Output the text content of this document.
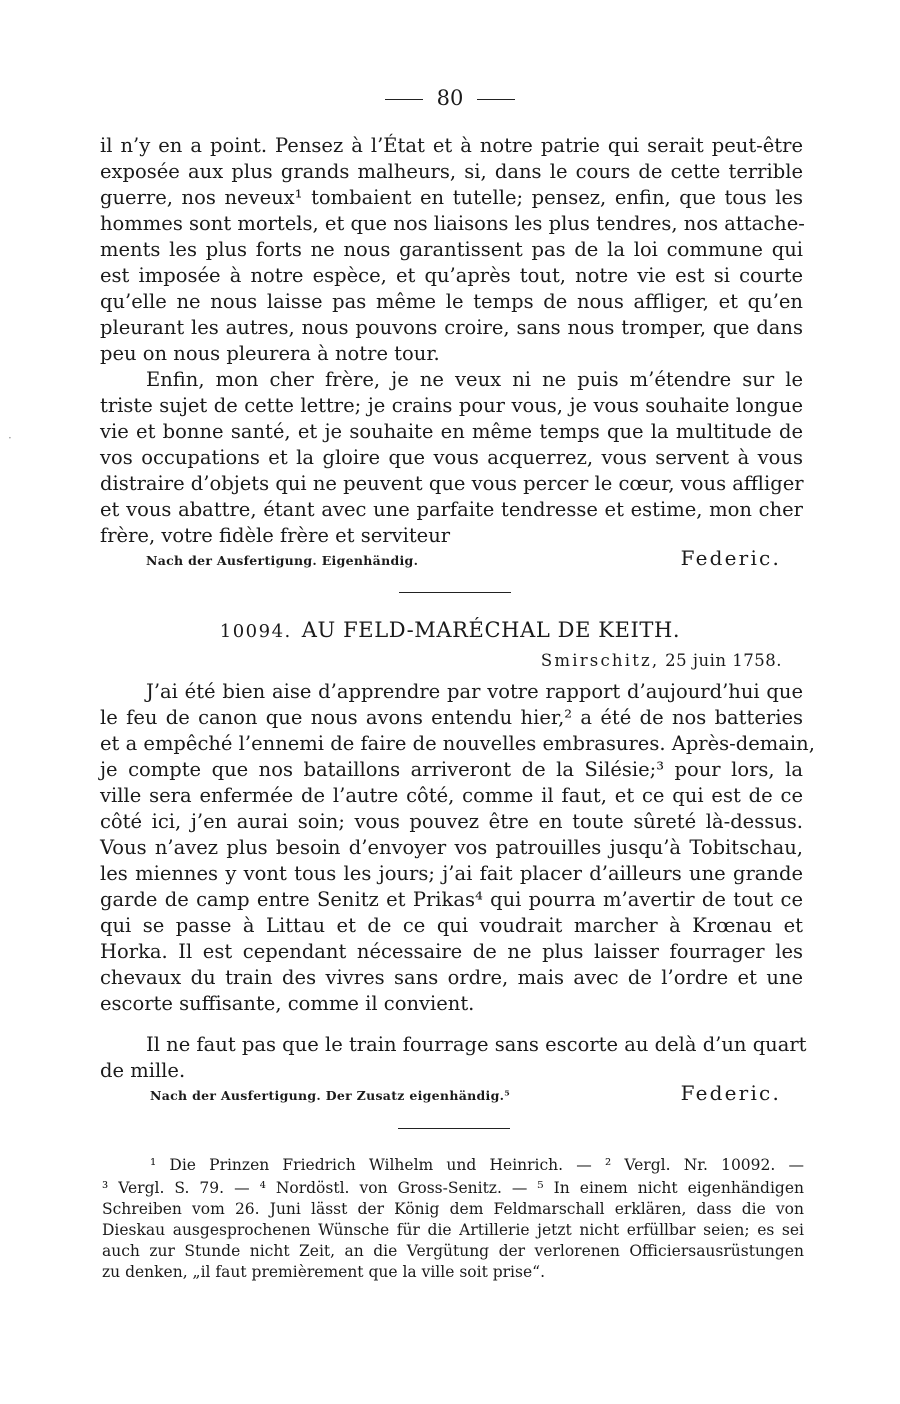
80
il n’y en a point. Pensez à l’État et à notre patrie qui serait peut-être
exposée aux plus grands malheurs, si, dans le cours de cette terrible
guerre, nos neveux¹ tombaient en tutelle; pensez, enfin, que tous les
hommes sont mortels, et que nos liaisons les plus tendres, nos attache-
ments les plus forts ne nous garantissent pas de la loi commune qui
est imposée à notre espèce, et qu’après tout, notre vie est si courte
qu’elle ne nous laisse pas même le temps de nous affliger, et qu’en
pleurant les autres, nous pouvons croire, sans nous tromper, que dans
peu on nous pleurera à notre tour.
Enfin, mon cher frère, je ne veux ni ne puis m’étendre sur le
triste sujet de cette lettre; je crains pour vous, je vous souhaite longue
vie et bonne santé, et je souhaite en même temps que la multitude de
vos occupations et la gloire que vous acquerrez, vous servent à vous
distraire d’objets qui ne peuvent que vous percer le cœur, vous affliger
et vous abattre, étant avec une parfaite tendresse et estime, mon cher
frère, votre fidèle frère et serviteur
Nach der Ausfertigung. Eigenhändig.	Federic.
10094. AU FELD-MARÉCHAL DE KEITH.
Smirschitz, 25 juin 1758.
J’ai été bien aise d’apprendre par votre rapport d’aujourd’hui que
le feu de canon que nous avons entendu hier,² a été de nos batteries
et a empêché l’ennemi de faire de nouvelles embrasures. Après-demain,
je compte que nos bataillons arriveront de la Silésie;³ pour lors, la
ville sera enfermée de l’autre côté, comme il faut, et ce qui est de ce
côté ici, j’en aurai soin; vous pouvez être en toute sûreté là-dessus.
Vous n’avez plus besoin d’envoyer vos patrouilles jusqu’à Tobitschau,
les miennes y vont tous les jours; j’ai fait placer d’ailleurs une grande
garde de camp entre Senitz et Prikas⁴ qui pourra m’avertir de tout ce
qui se passe à Littau et de ce qui voudrait marcher à Krœnau et
Horka. Il est cependant nécessaire de ne plus laisser fourrager les
chevaux du train des vivres sans ordre, mais avec de l’ordre et une
escorte suffisante, comme il convient.
Il ne faut pas que le train fourrage sans escorte au delà d’un quart
de mille.
Nach der Ausfertigung. Der Zusatz eigenhändig.⁵	Federic.
¹ Die Prinzen Friedrich Wilhelm und Heinrich. — ² Vergl. Nr. 10092. —
³ Vergl. S. 79. — ⁴ Nordöstl. von Gross-Senitz. — ⁵ In einem nicht eigenhändigen
Schreiben vom 26. Juni lässt der König dem Feldmarschall erklären, dass die von
Dieskau ausgesprochenen Wünsche für die Artillerie jetzt nicht erfüllbar seien; es sei
auch zur Stunde nicht Zeit, an die Vergütung der verlorenen Officiersausrüstungen
zu denken, „il faut premièrement que la ville soit prise“.
·
